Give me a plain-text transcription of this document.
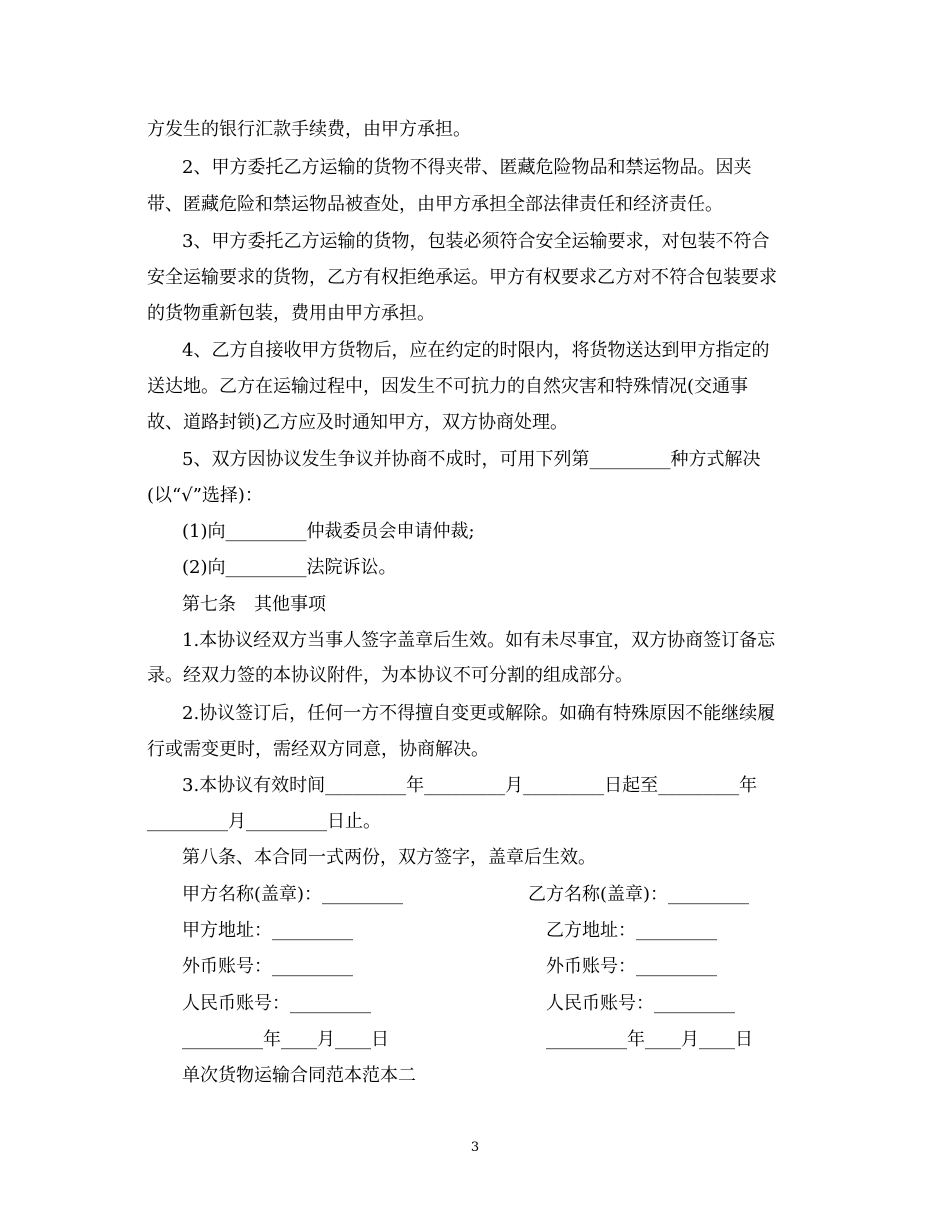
方发生的银行汇款手续费，由甲方承担。
2、甲方委托乙方运输的货物不得夹带、匿藏危险物品和禁运物品。因夹
带、匿藏危险和禁运物品被查处，由甲方承担全部法律责任和经济责任。
3、甲方委托乙方运输的货物，包装必须符合安全运输要求，对包装不符合
安全运输要求的货物，乙方有权拒绝承运。甲方有权要求乙方对不符合包装要求
的货物重新包装，费用由甲方承担。
4、乙方自接收甲方货物后，应在约定的时限内，将货物送达到甲方指定的
送达地。乙方在运输过程中，因发生不可抗力的自然灾害和特殊情况(交通事
故、道路封锁)乙方应及时通知甲方，双方协商处理。
5、双方因协议发生争议并协商不成时，可用下列第_________种方式解决
(以“√”选择)：
(1)向_________仲裁委员会申请仲裁;
(2)向_________法院诉讼。
第七条　其他事项
1.本协议经双方当事人签字盖章后生效。如有未尽事宜，双方协商签订备忘
录。经双力签的本协议附件，为本协议不可分割的组成部分。
2.协议签订后，任何一方不得擅自变更或解除。如确有特殊原因不能继续履
行或需变更时，需经双方同意，协商解决。
3.本协议有效时间_________年_________月_________日起至_________年
_________月_________日止。
第八条、本合同一式两份，双方签字，盖章后生效。
甲方名称(盖章)：_________
甲方地址：_________
外币账号：_________
人民币账号：_________
_________年____月____日
乙方名称(盖章)：_________
乙方地址：_________
外币账号：_________
人民币账号：_________
_________年____月____日
单次货物运输合同范本范本二
3
